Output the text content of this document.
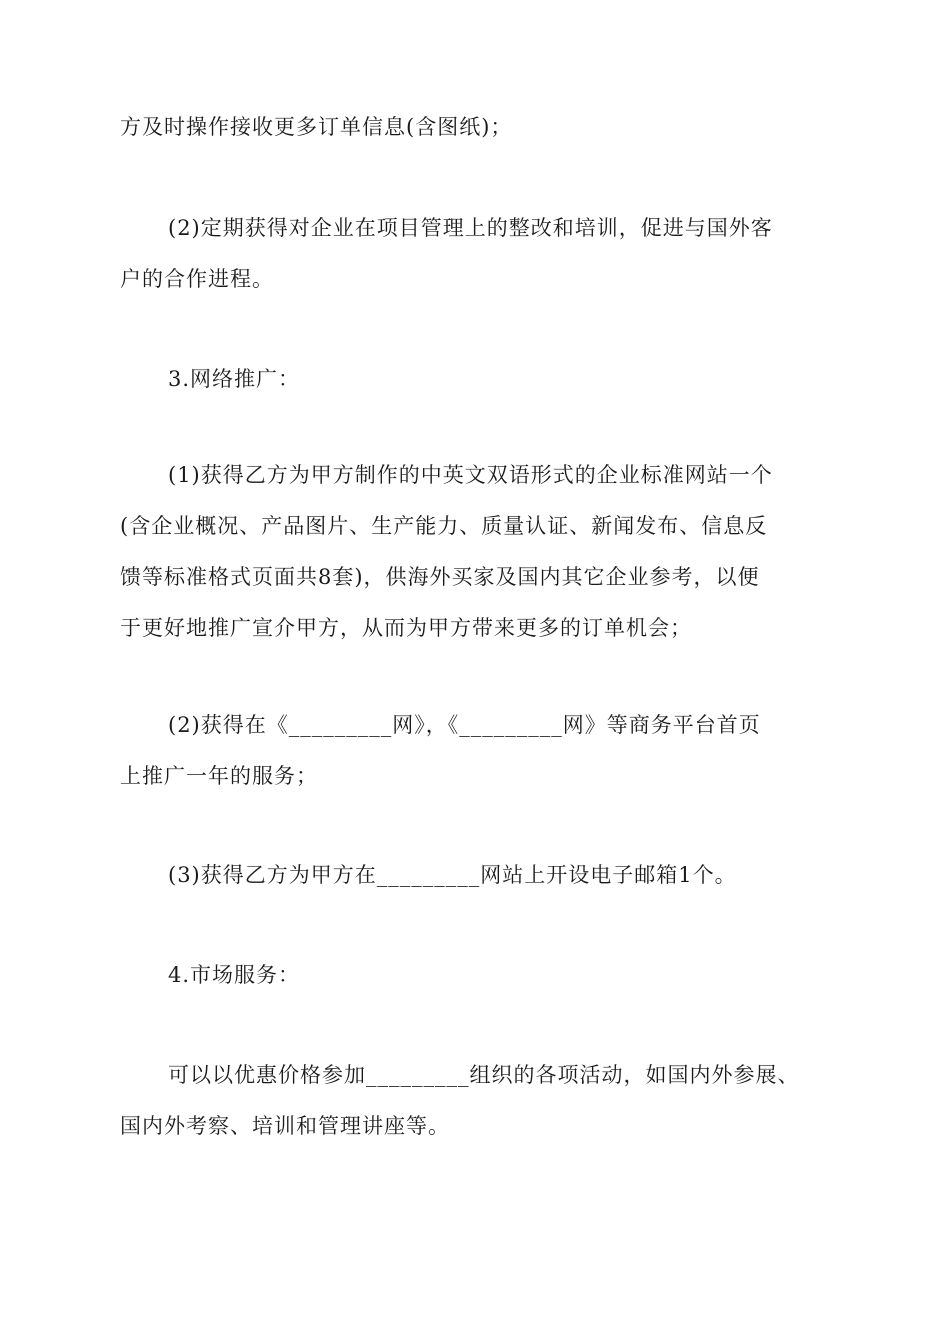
方及时操作接收更多订单信息(含图纸)；

(2)定期获得对企业在项目管理上的整改和培训，促进与国外客
户的合作进程。

3.网络推广：

(1)获得乙方为甲方制作的中英文双语形式的企业标准网站一个
(含企业概况、产品图片、生产能力、质量认证、新闻发布、信息反
馈等标准格式页面共8套)，供海外买家及国内其它企业参考，以便
于更好地推广宣介甲方，从而为甲方带来更多的订单机会；

(2)获得在《_________网》，《_________网》等商务平台首页
上推广一年的服务；

(3)获得乙方为甲方在_________网站上开设电子邮箱1个。

4.市场服务：

可以以优惠价格参加_________组织的各项活动，如国内外参展、
国内外考察、培训和管理讲座等。
